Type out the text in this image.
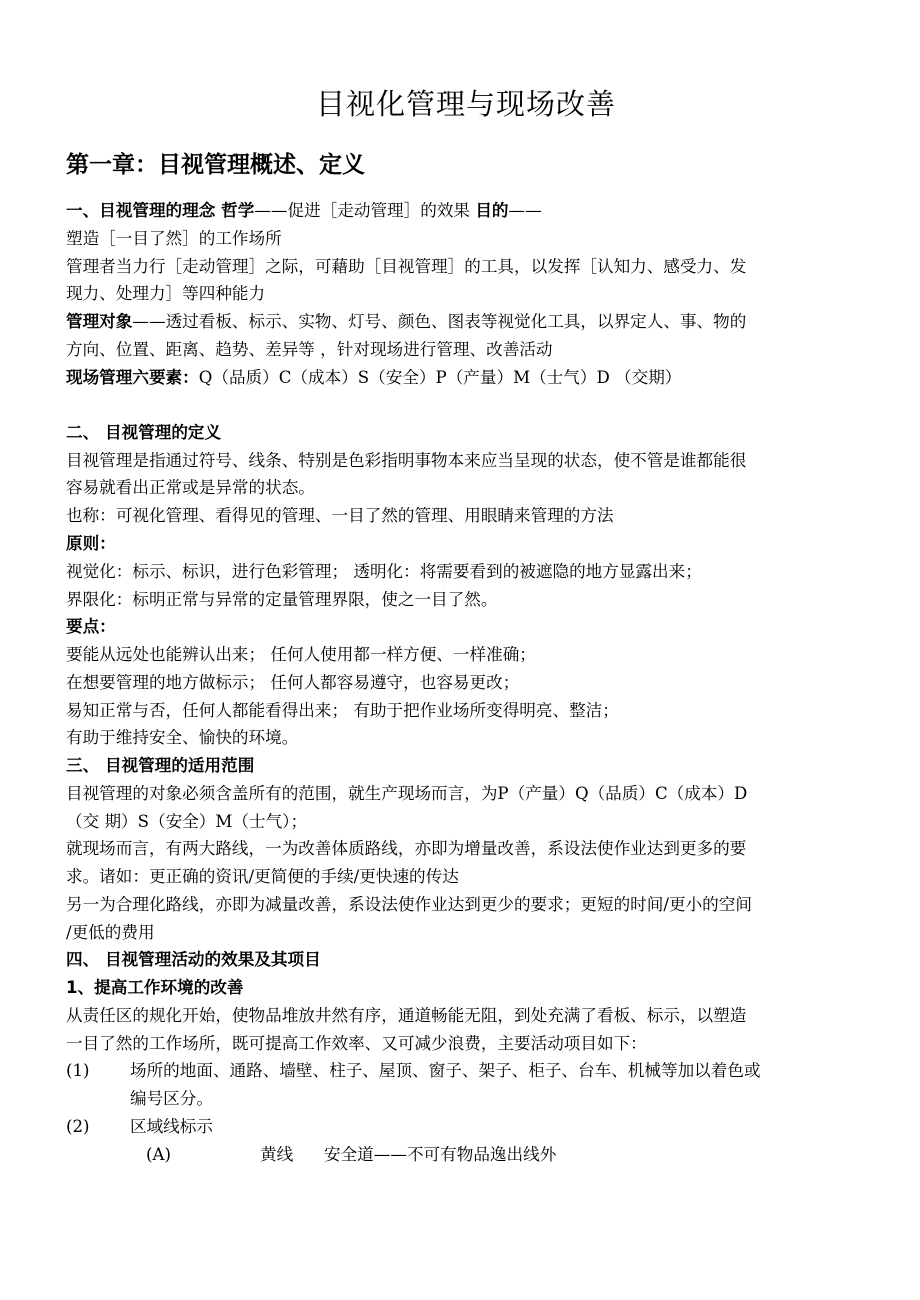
目视化管理与现场改善
第一章：目视管理概述、定义
一、目视管理的理念 哲学——促进［走动管理］的效果 目的——
塑造［一目了然］的工作场所
管理者当力行［走动管理］之际，可藉助［目视管理］的工具，以发挥［认知力、感受力、发
现力、处理力］等四种能力
管理对象——透过看板、标示、实物、灯号、颜色、图表等视觉化工具，以界定人、事、物的
方向、位置、距离、趋势、差异等 ，针对现场进行管理、改善活动
现场管理六要素：Q（品质）C（成本）S（安全）P（产量）M（士气）D （交期）
二、 目视管理的定义
目视管理是指通过符号、线条、特别是色彩指明事物本来应当呈现的状态，使不管是谁都能很
容易就看出正常或是异常的状态。
也称：可视化管理、看得见的管理、一目了然的管理、用眼睛来管理的方法
原则：
视觉化：标示、标识，进行色彩管理； 透明化：将需要看到的被遮隐的地方显露出来；
界限化：标明正常与异常的定量管理界限，使之一目了然。
要点：
要能从远处也能辨认出来； 任何人使用都一样方便、一样准确；
在想要管理的地方做标示； 任何人都容易遵守，也容易更改；
易知正常与否，任何人都能看得出来； 有助于把作业场所变得明亮、整洁；
有助于维持安全、愉快的环境。
三、 目视管理的适用范围
目视管理的对象必须含盖所有的范围，就生产现场而言，为P（产量）Q（品质）C（成本）D
（交 期）S（安全）M（士气）；
就现场而言，有两大路线，一为改善体质路线，亦即为增量改善，系设法使作业达到更多的要
求。诸如：更正确的资讯/更简便的手续/更快速的传达
另一为合理化路线，亦即为减量改善，系设法使作业达到更少的要求；更短的时间/更小的空间
/更低的费用
四、 目视管理活动的效果及其项目
1、提高工作环境的改善
从责任区的规化开始，使物品堆放井然有序，通道畅能无阻，到处充满了看板、标示，以塑造
一目了然的工作场所，既可提高工作效率、又可减少浪费，主要活动项目如下：
(1) 场所的地面、通路、墙壁、柱子、屋顶、窗子、架子、柜子、台车、机械等加以着色或
编号区分。
(2) 区域线标示
(A)	黄线 安全道——不可有物品逸出线外
